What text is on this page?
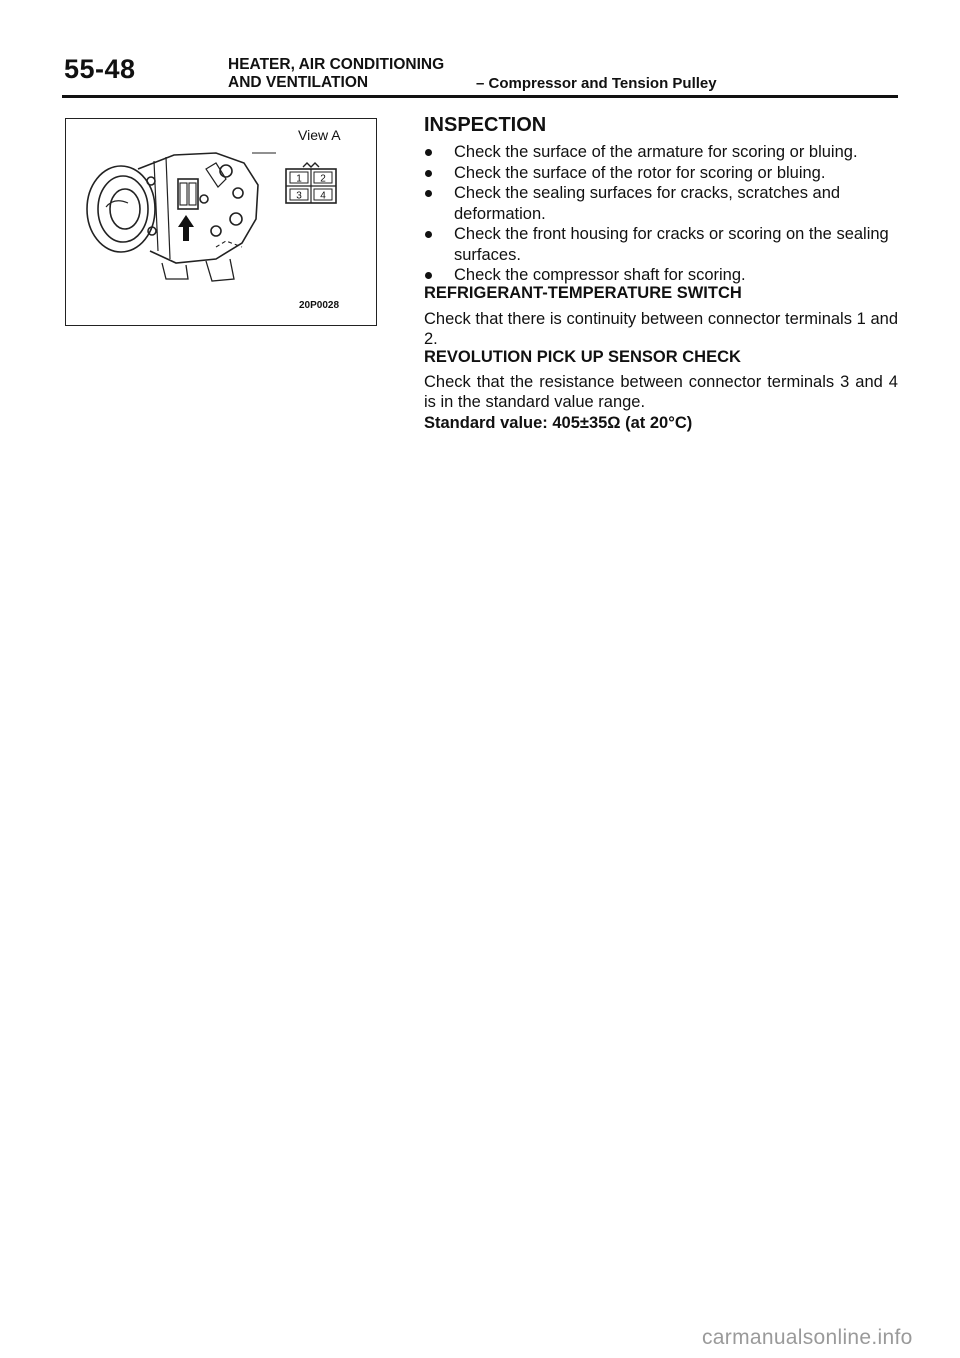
55-48	HEATER, AIR CONDITIONING
AND VENTILATION	– Compressor and Tension Pulley
1 2
3 4
View A
20P0028
INSPECTION
Check the surface of the armature for scoring or bluing.
Check the surface of the rotor for scoring or bluing.
Check the sealing surfaces for cracks, scratches and deformation.
Check the front housing for cracks or scoring on the sealing surfaces.
Check the compressor shaft for scoring.
REFRIGERANT-TEMPERATURE SWITCH
Check that there is continuity between connector terminals 1 and 2.
REVOLUTION PICK UP SENSOR CHECK
Check that the resistance between connector terminals 3 and 4 is in the standard value range.
Standard value: 405±35Ω (at 20°C)
carmanualsonline.info
